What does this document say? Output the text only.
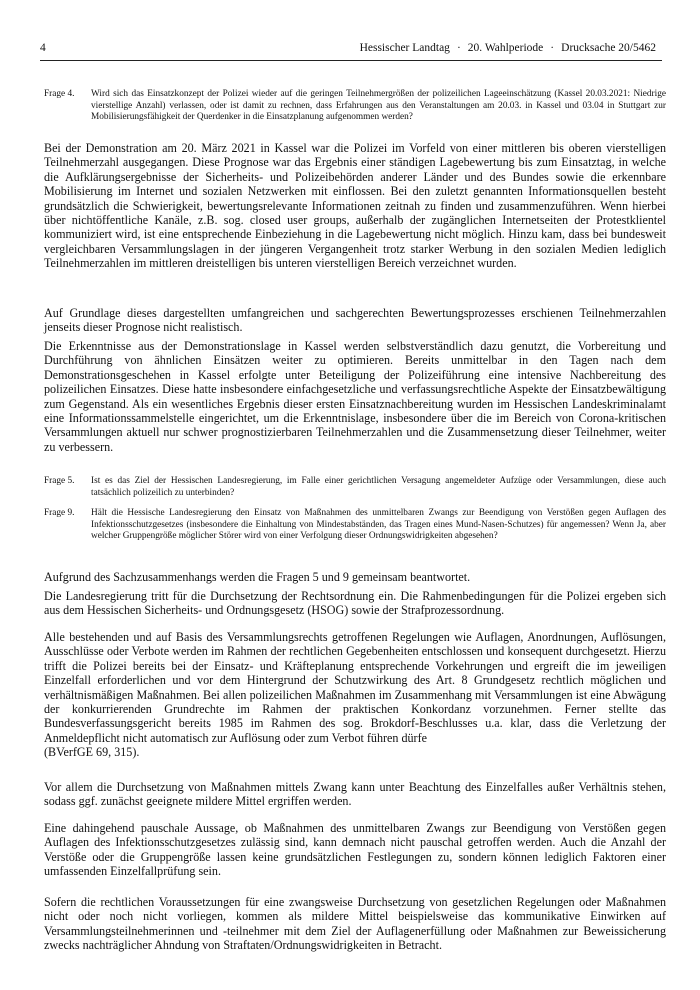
4	Hessischer Landtag · 20. Wahlperiode · Drucksache 20/5462
Frage 4. Wird sich das Einsatzkonzept der Polizei wieder auf die geringen Teilnehmergrößen der polizeilichen Lageeinschätzung (Kassel 20.03.2021: Niedrige vierstellige Anzahl) verlassen, oder ist damit zu rechnen, dass Erfahrungen aus den Veranstaltungen am 20.03. in Kassel und 03.04 in Stuttgart zur Mobilisierungsfähigkeit der Querdenker in die Einsatzplanung aufgenommen werden?

Bei der Demonstration am 20. März 2021 in Kassel war die Polizei im Vorfeld von einer mittleren bis oberen vierstelligen Teilnehmerzahl ausgegangen. Diese Prognose war das Ergebnis einer ständigen Lagebewertung bis zum Einsatztag, in welche die Aufklärungsergebnisse der Sicherheits- und Polizeibehörden anderer Länder und des Bundes sowie die erkennbare Mobilisierung im Internet und sozialen Netzwerken mit einflossen. Bei den zuletzt genannten Informationsquellen besteht grundsätzlich die Schwierigkeit, bewertungsrelevante Informationen zeitnah zu finden und zusammenzuführen. Wenn hierbei über nichtöffentliche Kanäle, z.B. sog. closed user groups, außerhalb der zugänglichen Internetseiten der Protestklientel kommuniziert wird, ist eine entsprechende Einbeziehung in die Lagebewertung nicht möglich. Hinzu kam, dass bei bundesweit vergleichbaren Versammlungslagen in der jüngeren Vergangenheit trotz starker Werbung in den sozialen Medien lediglich Teilnehmerzahlen im mittleren dreistelligen bis unteren vierstelligen Bereich verzeichnet wurden.

Auf Grundlage dieses dargestellten umfangreichen und sachgerechten Bewertungsprozesses erschienen Teilnehmerzahlen jenseits dieser Prognose nicht realistisch.

Die Erkenntnisse aus der Demonstrationslage in Kassel werden selbstverständlich dazu genutzt, die Vorbereitung und Durchführung von ähnlichen Einsätzen weiter zu optimieren. Bereits unmittelbar in den Tagen nach dem Demonstrationsgeschehen in Kassel erfolgte unter Beteiligung der Polizeiführung eine intensive Nachbereitung des polizeilichen Einsatzes. Diese hatte insbesondere einfachgesetzliche und verfassungsrechtliche Aspekte der Einsatzbewältigung zum Gegenstand. Als ein wesentliches Ergebnis dieser ersten Einsatznachbereitung wurden im Hessischen Landeskriminalamt eine Informationssammelstelle eingerichtet, um die Erkenntnislage, insbesondere über die im Bereich von Corona-kritischen Versammlungen aktuell nur schwer prognostizierbaren Teilnehmerzahlen und die Zusammensetzung dieser Teilnehmer, weiter zu verbessern.

Frage 5. Ist es das Ziel der Hessischen Landesregierung, im Falle einer gerichtlichen Versagung angemeldeter Aufzüge oder Versammlungen, diese auch tatsächlich polizeilich zu unterbinden?
Frage 9. Hält die Hessische Landesregierung den Einsatz von Maßnahmen des unmittelbaren Zwangs zur Beendigung von Verstößen gegen Auflagen des Infektionsschutzgesetzes (insbesondere die Einhaltung von Mindestabständen, das Tragen eines Mund-Nasen-Schutzes) für angemessen? Wenn Ja, aber welcher Gruppengröße möglicher Störer wird von einer Verfolgung dieser Ordnungswidrigkeiten abgesehen?

Aufgrund des Sachzusammenhangs werden die Fragen 5 und 9 gemeinsam beantwortet.

Die Landesregierung tritt für die Durchsetzung der Rechtsordnung ein. Die Rahmenbedingungen für die Polizei ergeben sich aus dem Hessischen Sicherheits- und Ordnungsgesetz (HSOG) sowie der Strafprozessordnung.

Alle bestehenden und auf Basis des Versammlungsrechts getroffenen Regelungen wie Auflagen, Anordnungen, Auflösungen, Ausschlüsse oder Verbote werden im Rahmen der rechtlichen Gegebenheiten entschlossen und konsequent durchgesetzt. Hierzu trifft die Polizei bereits bei der Einsatz- und Kräfteplanung entsprechende Vorkehrungen und ergreift die im jeweiligen Einzelfall erforderlichen und vor dem Hintergrund der Schutzwirkung des Art. 8 Grundgesetz rechtlich möglichen und verhältnismäßigen Maßnahmen. Bei allen polizeilichen Maßnahmen im Zusammenhang mit Versammlungen ist eine Abwägung der konkurrierenden Grundrechte im Rahmen der praktischen Konkordanz vorzunehmen. Ferner stellte das Bundesverfassungsgericht bereits 1985 im Rahmen des sog. Brokdorf-Beschlusses u.a. klar, dass die Verletzung der Anmeldepflicht nicht automatisch zur Auflösung oder zum Verbot führen dürfe
(BVerfGE 69, 315).

Vor allem die Durchsetzung von Maßnahmen mittels Zwang kann unter Beachtung des Einzelfalles außer Verhältnis stehen, sodass ggf. zunächst geeignete mildere Mittel ergriffen werden.

Eine dahingehend pauschale Aussage, ob Maßnahmen des unmittelbaren Zwangs zur Beendigung von Verstößen gegen Auflagen des Infektionsschutzgesetzes zulässig sind, kann demnach nicht pauschal getroffen werden. Auch die Anzahl der Verstöße oder die Gruppengröße lassen keine grundsätzlichen Festlegungen zu, sondern können lediglich Faktoren einer umfassenden Einzelfallprüfung sein.

Sofern die rechtlichen Voraussetzungen für eine zwangsweise Durchsetzung von gesetzlichen Regelungen oder Maßnahmen nicht oder noch nicht vorliegen, kommen als mildere Mittel beispielsweise das kommunikative Einwirken auf Versammlungsteilnehmerinnen und -teilnehmer mit dem Ziel der Auflagenerfüllung oder Maßnahmen zur Beweissicherung zwecks nachträglicher Ahndung von Straftaten/Ordnungswidrigkeiten in Betracht.
